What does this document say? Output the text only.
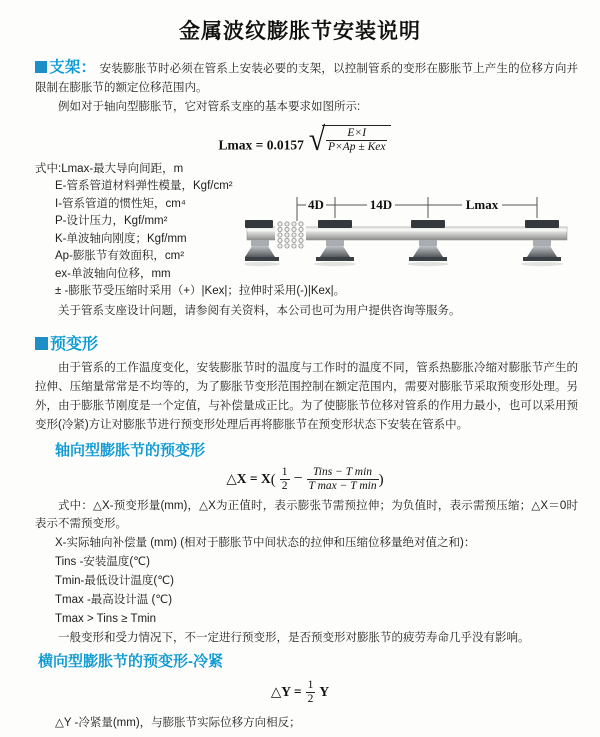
金属波纹膨胀节安装说明
支架： 安装膨胀节时必须在管系上安装必要的支架，以控制管系的变形在膨胀节上产生的位移方向并限制在膨胀节的额定位移范围内。
例如对于轴向型膨胀节，它对管系支座的基本要求如图所示:
Lmax = 0.0157 √ $\frac{E\times I}{\text{P×Ap ± Kex}}$
式中:Lmax-最大导向间距，m
E-管系管道材料弹性模量，Kgf/cm²
I-管系管道的惯性矩，cm⁴
P-设计压力，Kgf/mm²
K-单波轴向刚度；Kgf/mm
Ap-膨胀节有效面积，cm²
ex-单波轴向位移，mm
± -膨胀节受压缩时采用（+）|Kex|；拉伸时采用(-)|Kex|。
4D	14D	Lmax
关于管系支座设计问题，请参阅有关资料，本公司也可为用户提供咨询等服务。
预变形
由于管系的工作温度变化，安装膨胀节时的温度与工作时的温度不同，管系热膨胀冷缩对膨胀节产生的拉伸、压缩量常常是不均等的，为了膨胀节变形范围控制在额定范围内，需要对膨胀节采取预变形处理。另外，由于膨胀节刚度是一个定值，与补偿量成正比。为了使膨胀节位移对管系的作用力最小，也可以采用预变形(冷紧)方让对膨胀节进行预变形处理后再将膨胀节在预变形状态下安装在管系中。
轴向型膨胀节的预变形
△X = $X( \frac{1}{2} - \frac{\text{Tins − T min}}{\text{T max − T min}}$ )
式中：△X-预变形量(mm)，△X为正值时，表示膨张节需预拉伸；为负值时，表示需预压缩；△X＝0时表示不需预变形。
X-实际轴向补偿量 (mm) (相对于膨胀节中间状态的拉伸和压缩位移量绝对值之和)：
Tins -安装温度(℃)
Tmin-最低设计温度(℃)
Tmax -最高设计温 (℃)
Tmax > Tins ≥ Tmin
一般变形和受力情况下，不一定进行预变形，是否预变形对膨胀节的疲劳寿命几乎没有影响。
横向型膨胀节的预变形-冷紧
△Y = $\frac{1}{2}$ Y
△Y -冷紧量(mm)，与膨胀节实际位移方向相反；
